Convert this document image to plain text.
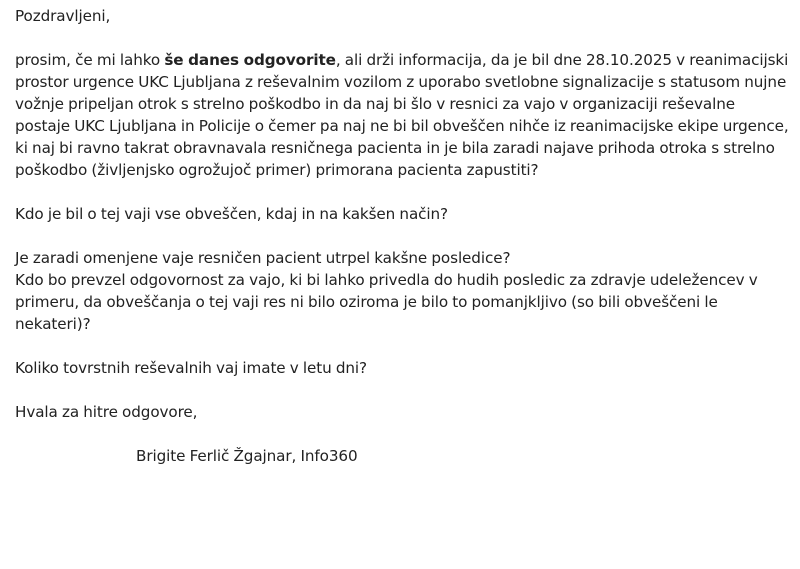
Pozdravljeni,

prosim, če mi lahko še danes odgovorite, ali drži informacija, da je bil dne 28.10.2025 v reanimacijski prostor urgence UKC Ljubljana z reševalnim vozilom z uporabo svetlobne signalizacije s statusom nujne vožnje pripeljan otrok s strelno poškodbo in da naj bi šlo v resnici za vajo v organizaciji reševalne postaje UKC Ljubljana in Policije o čemer pa naj ne bi bil obveščen nihče iz reanimacijske ekipe urgence, ki naj bi ravno takrat obravnavala resničnega pacienta in je bila zaradi najave prihoda otroka s strelno poškodbo (življenjsko ogrožujoč primer) primorana pacienta zapustiti?

Kdo je bil o tej vaji vse obveščen, kdaj in na kakšen način?

Je zaradi omenjene vaje resničen pacient utrpel kakšne posledice?

Kdo bo prevzel odgovornost za vajo, ki bi lahko privedla do hudih posledic za zdravje udeležencev v primeru, da obveščanja o tej vaji res ni bilo oziroma je bilo to pomanjkljivo (so bili obveščeni le nekateri)?

Koliko tovrstnih reševalnih vaj imate v letu dni?

Hvala za hitre odgovore,

Brigite Ferlič Žgajnar, Info360
